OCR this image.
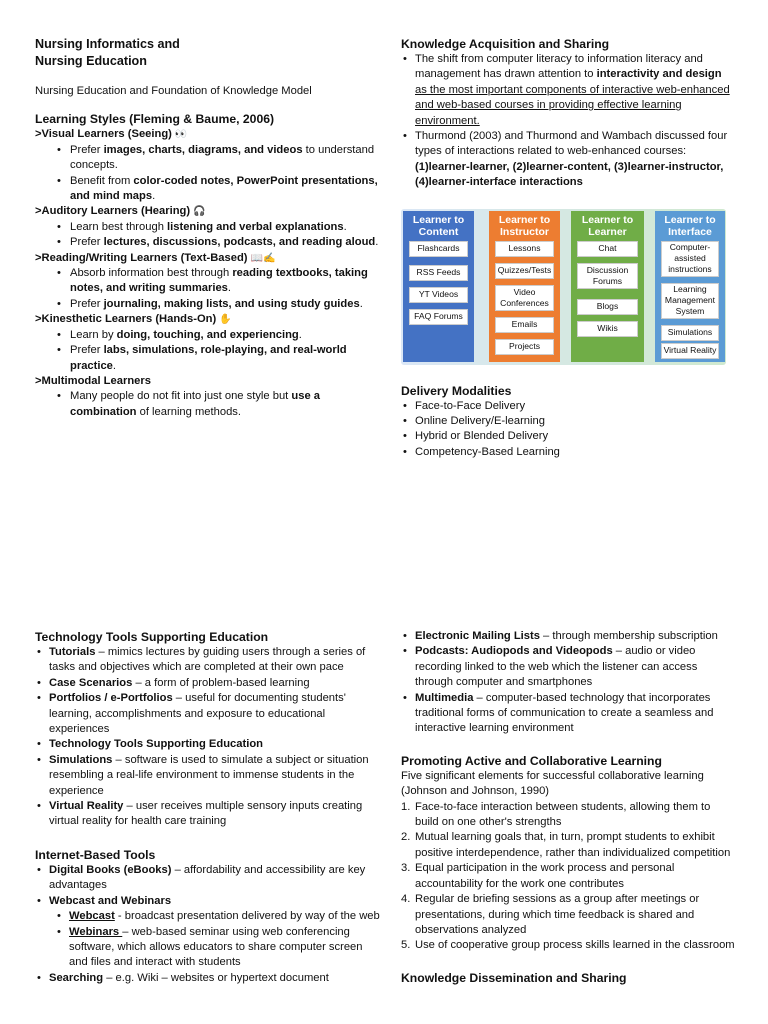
Nursing Informatics and
Nursing Education

Nursing Education and Foundation of Knowledge Model

Learning Styles (Fleming & Baume, 2006)

>Visual Learners (Seeing) 👀

• Prefer images, charts, diagrams, and videos to understand concepts.
• Benefit from color-coded notes, PowerPoint presentations, and mind maps.

>Auditory Learners (Hearing) 🎧

• Learn best through listening and verbal explanations.
• Prefer lectures, discussions, podcasts, and reading aloud.

>Reading/Writing Learners (Text-Based) 📖✍

• Absorb information best through reading textbooks, taking notes, and writing summaries.
• Prefer journaling, making lists, and using study guides.

>Kinesthetic Learners (Hands-On) ✋

• Learn by doing, touching, and experiencing.
• Prefer labs, simulations, role-playing, and real-world practice.

>Multimodal Learners

• Many people do not fit into just one style but use a combination of learning methods.
Knowledge Acquisition and Sharing
• The shift from computer literacy to information literacy and management has drawn attention to interactivity and design as the most important components of interactive web-enhanced and web-based courses in providing effective learning environment.
• Thurmond (2003) and Thurmond and Wambach discussed four types of interactions related to web-enhanced courses: (1)learner-learner, (2)learner-content, (3)learner-instructor, (4)learner-interface interactions
Learner to
Content
Flashcards
RSS Feeds
YT Videos
FAQ Forums
Learner to
Instructor
Lessons
Quizzes/Tests
Video Conferences
Emails
Projects
Learner to
Learner
Chat
Discussion Forums
Blogs
Wikis
Learner to
Interface
Computer-assisted instructions
Learning Management System
Simulations
Virtual Reality
Delivery Modalities
• Face-to-Face Delivery
• Online Delivery/E-learning
• Hybrid or Blended Delivery
• Competency-Based Learning
Technology Tools Supporting Education
• Tutorials – mimics lectures by guiding users through a series of tasks and objectives which are completed at their own pace
• Case Scenarios – a form of problem-based learning
• Portfolios / e-Portfolios – useful for documenting students' learning, accomplishments and exposure to educational experiences
• Technology Tools Supporting Education
• Simulations – software is used to simulate a subject or situation resembling a real-life environment to immense students in the experience
• Virtual Reality – user receives multiple sensory inputs creating virtual reality for health care training
Internet-Based Tools
• Digital Books (eBooks) – affordability and accessibility are key advantages
• Webcast and Webinars
• Webcast - broadcast presentation delivered by way of the web
• Webinars – web-based seminar using web conferencing software, which allows educators to share computer screen and files and interact with students
• Searching – e.g. Wiki – websites or hypertext document
• Electronic Mailing Lists – through membership subscription
• Podcasts: Audiopods and Videopods – audio or video recording linked to the web which the listener can access through computer and smartphones
• Multimedia – computer-based technology that incorporates traditional forms of communication to create a seamless and interactive learning environment
Promoting Active and Collaborative Learning

Five significant elements for successful collaborative learning (Johnson and Johnson, 1990)

1. Face-to-face interaction between students, allowing them to build on one other's strengths
2. Mutual learning goals that, in turn, prompt students to exhibit positive interdependence, rather than individualized competition
3. Equal participation in the work process and personal accountability for the work one contributes
4. Regular de briefing sessions as a group after meetings or presentations, during which time feedback is shared and observations analyzed
5. Use of cooperative group process skills learned in the classroom
Knowledge Dissemination and Sharing
